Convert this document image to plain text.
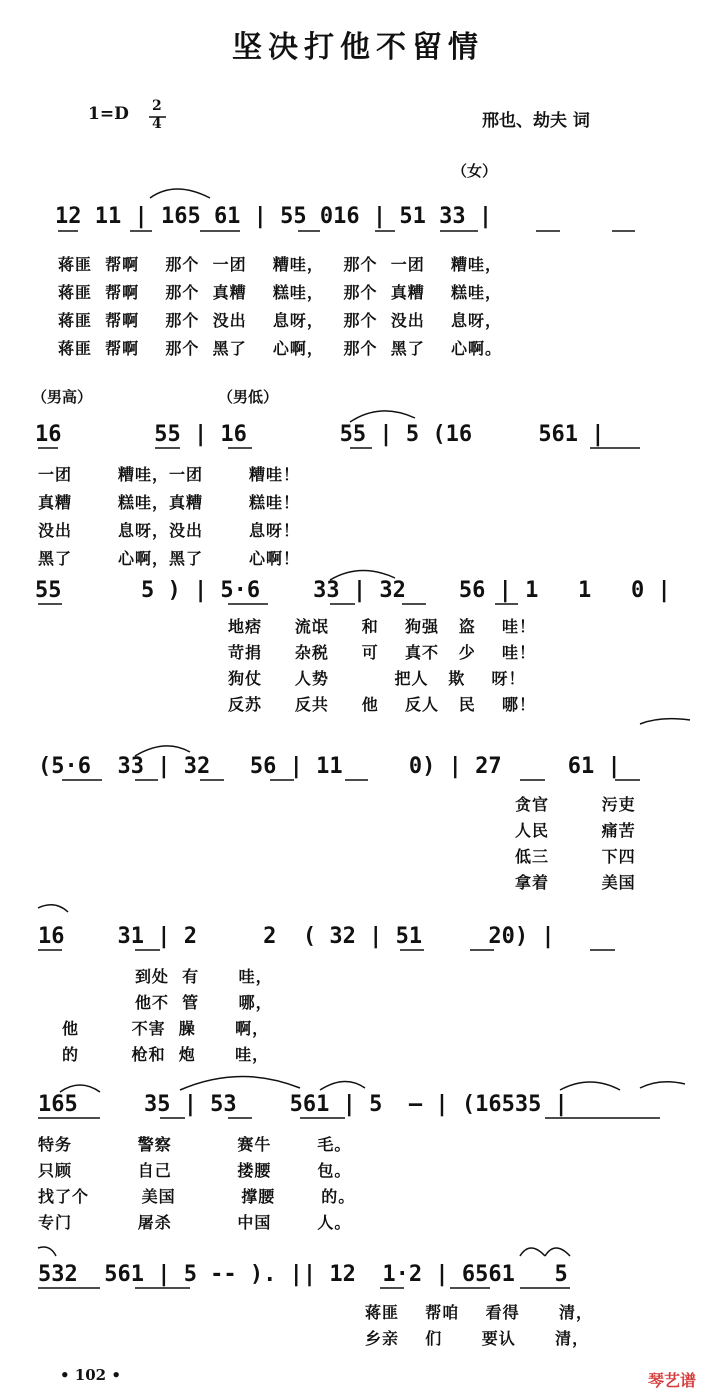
坚决打他不留情
1=D 2
4	邢也、劫夫 词
（女）
12 11 | 165 61 | 55 016 | 51 33 |
蒋匪  帮啊    那个  一团    糟哇，   那个  一团    糟哇，
蒋匪  帮啊    那个  真糟    糕哇，   那个  真糟    糕哇，
蒋匪  帮啊    那个  没出    息呀，   那个  没出    息呀，
蒋匪  帮啊    那个  黑了    心啊，   那个  黑了    心啊。
（男高）	（男低）
16       55 | 16       55 | 5 (16     561 |
一团       糟哇，一团       糟哇！
真糟       糕哇，真糟       糕哇！
没出       息呀，没出       息呀！
黑了       心啊，黑了       心啊！
55      5 ) | 5·6    33 | 32    56 | 1   1   0 |
地痞     流氓     和    狗强   盗    哇！
苛捐     杂税     可    真不   少    哇！
狗仗     人势          把人   欺    呀！
反苏     反共     他    反人   民    哪！
(5·6  33 | 32   56 | 11     0) | 27     61 |
贪官        污吏
人民        痛苦
低三        下四
拿着        美国
16    31 | 2     2  ( 32 | 51     20) |
到处  有      哇，
他不  管      哪，
他        不害  臊      啊，
的        枪和  炮      哇，
165     35 | 53    561 | 5  — | (16535 |
特务          警察          赛牛       毛。
只顾          自己          搂腰       包。
找了个        美国          撑腰       的。
专门          屠杀          中国       人。
532  561 | 5 -- ). || 12  1·2 | 6561   5
蒋匪    帮咱    看得      清，
乡亲    们      要认      清，
• 102 •	琴艺谱
